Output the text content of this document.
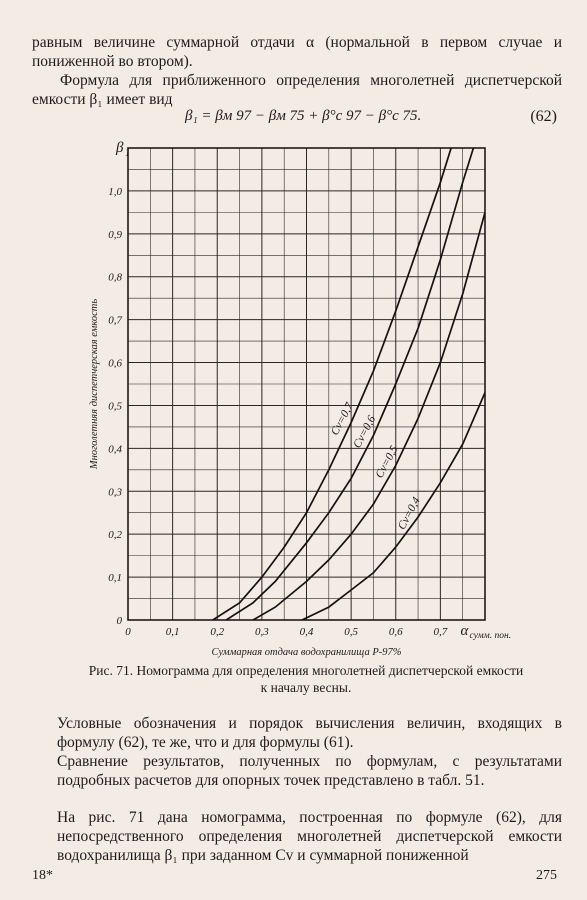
равным величине суммарной отдачи α (нормальной в первом случае и пониженной во втором).

Формула для приближенного определения многолетней диспетчерской емкости β₁ имеет вид

β₁ = βм 97 − βм 75 + β°с 97 − β°с 75.	(62)
0	0,1	0,2	0,3	0,4	0,5	0,6	0,7
0
0,1
0,2
0,3
0,4
0,5
0,6
0,7
0,8
0,9
1,0
β 1
α сумм. пон.
Суммарная отдача водохранилища P-97%
Многолетняя диспетчерская емкость	Cv=0,7
Cv=0,6
Cv=0,5
Cv=0,4

Рис. 71. Номограмма для определения многолетней диспетчерской емкости к началу весны.

Условные обозначения и порядок вычисления величин, входящих в формулу (62), те же, что и для формулы (61).

Сравнение результатов, полученных по формулам, с результатами подробных расчетов для опорных точек представлено в табл. 51.

На рис. 71 дана номограмма, построенная по формуле (62), для непосредственного определения многолетней диспетчерской емкости водохранилища β₁ при заданном Cv и суммарной пониженной

18*	275
